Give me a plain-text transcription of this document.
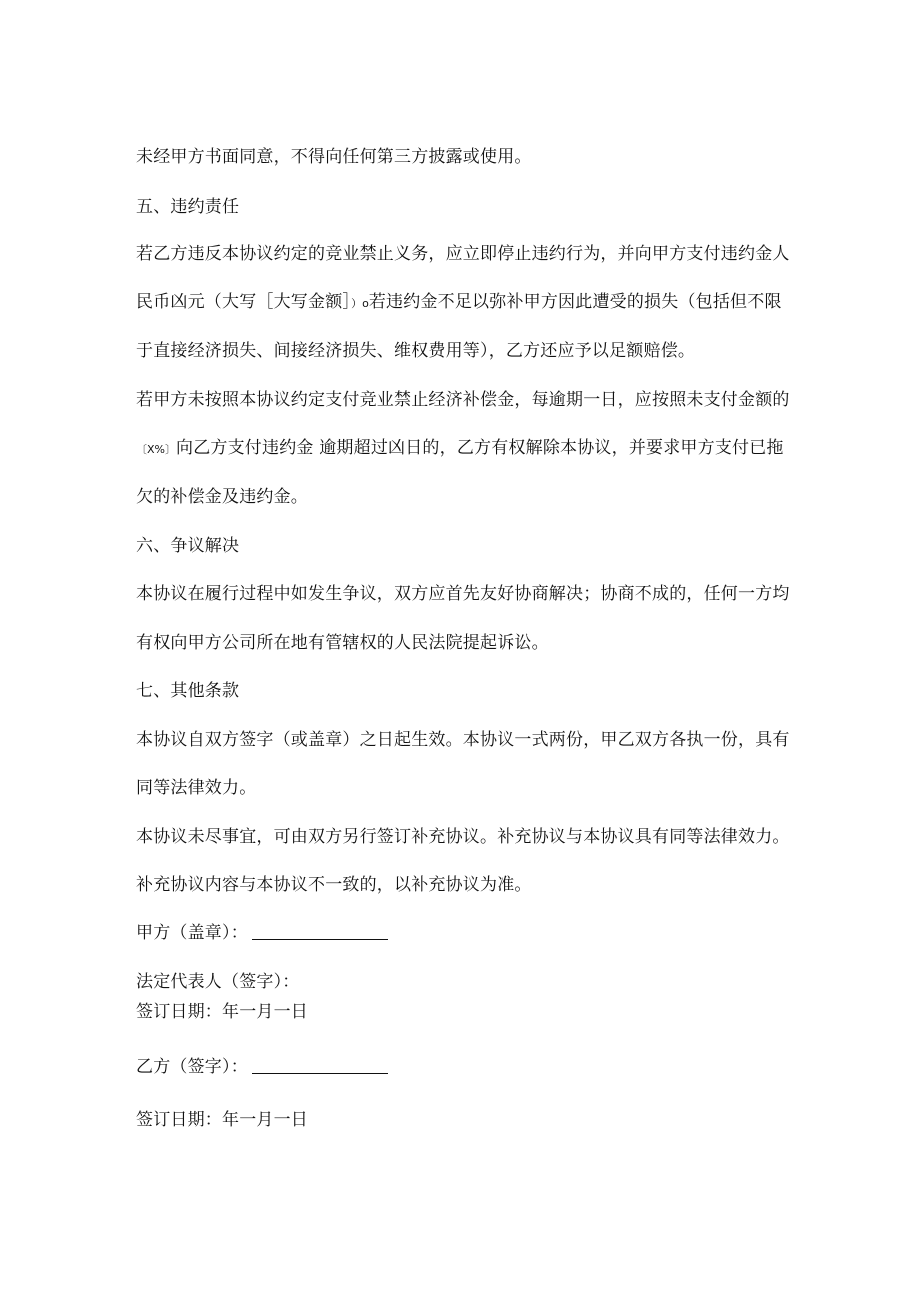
未经甲方书面同意，不得向任何第三方披露或使用。

五、违约责任

若乙方违反本协议约定的竞业禁止义务，应立即停止违约行为，并向甲方支付违约金人

民币凶元（大写［大写金额］）o若违约金不足以弥补甲方因此遭受的损失（包括但不限

于直接经济损失、间接经济损失、维权费用等），乙方还应予以足额赔偿。

若甲方未按照本协议约定支付竞业禁止经济补偿金，每逾期一日，应按照未支付金额的

〔X%〕向乙方支付违约金 逾期超过凶日的，乙方有权解除本协议，并要求甲方支付已拖

欠的补偿金及违约金。

六、争议解决

本协议在履行过程中如发生争议，双方应首先友好协商解决；协商不成的，任何一方均

有权向甲方公司所在地有管辖权的人民法院提起诉讼。

七、其他条款

本协议自双方签字（或盖章）之日起生效。本协议一式两份，甲乙双方各执一份，具有

同等法律效力。

本协议未尽事宜，可由双方另行签订补充协议。补充协议与本协议具有同等法律效力。

补充协议内容与本协议不一致的，以补充协议为准。

甲方（盖章）：

法定代表人（签字）：

签订日期：年一月一日

乙方（签字）：

签订日期：年一月一日
